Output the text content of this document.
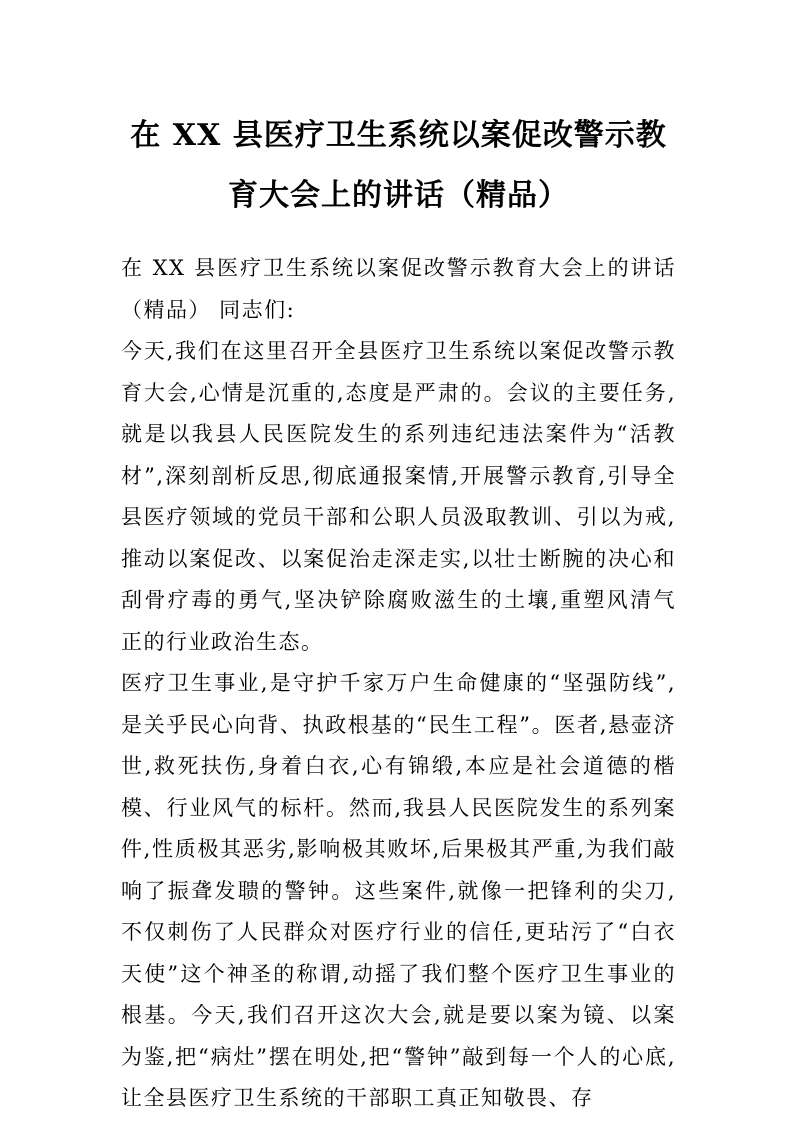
在 XX 县医疗卫生系统以案促改警示教育大会上的讲话（精品）

在 XX 县医疗卫生系统以案促改警示教育大会上的讲话（精品） 同志们:

今天,我们在这里召开全县医疗卫生系统以案促改警示教育大会,心情是沉重的,态度是严肃的。会议的主要任务,就是以我县人民医院发生的系列违纪违法案件为“活教材”,深刻剖析反思,彻底通报案情,开展警示教育,引导全县医疗领域的党员干部和公职人员汲取教训、引以为戒,推动以案促改、以案促治走深走实,以壮士断腕的决心和刮骨疗毒的勇气,坚决铲除腐败滋生的土壤,重塑风清气正的行业政治生态。

医疗卫生事业,是守护千家万户生命健康的“坚强防线”,是关乎民心向背、执政根基的“民生工程”。医者,悬壶济世,救死扶伤,身着白衣,心有锦缎,本应是社会道德的楷模、行业风气的标杆。然而,我县人民医院发生的系列案件,性质极其恶劣,影响极其败坏,后果极其严重,为我们敲响了振聋发聩的警钟。这些案件,就像一把锋利的尖刀,不仅刺伤了人民群众对医疗行业的信任,更玷污了“白衣天使”这个神圣的称谓,动摇了我们整个医疗卫生事业的根基。今天,我们召开这次大会,就是要以案为镜、以案为鉴,把“病灶”摆在明处,把“警钟”敲到每一个人的心底,让全县医疗卫生系统的干部职工真正知敬畏、存
